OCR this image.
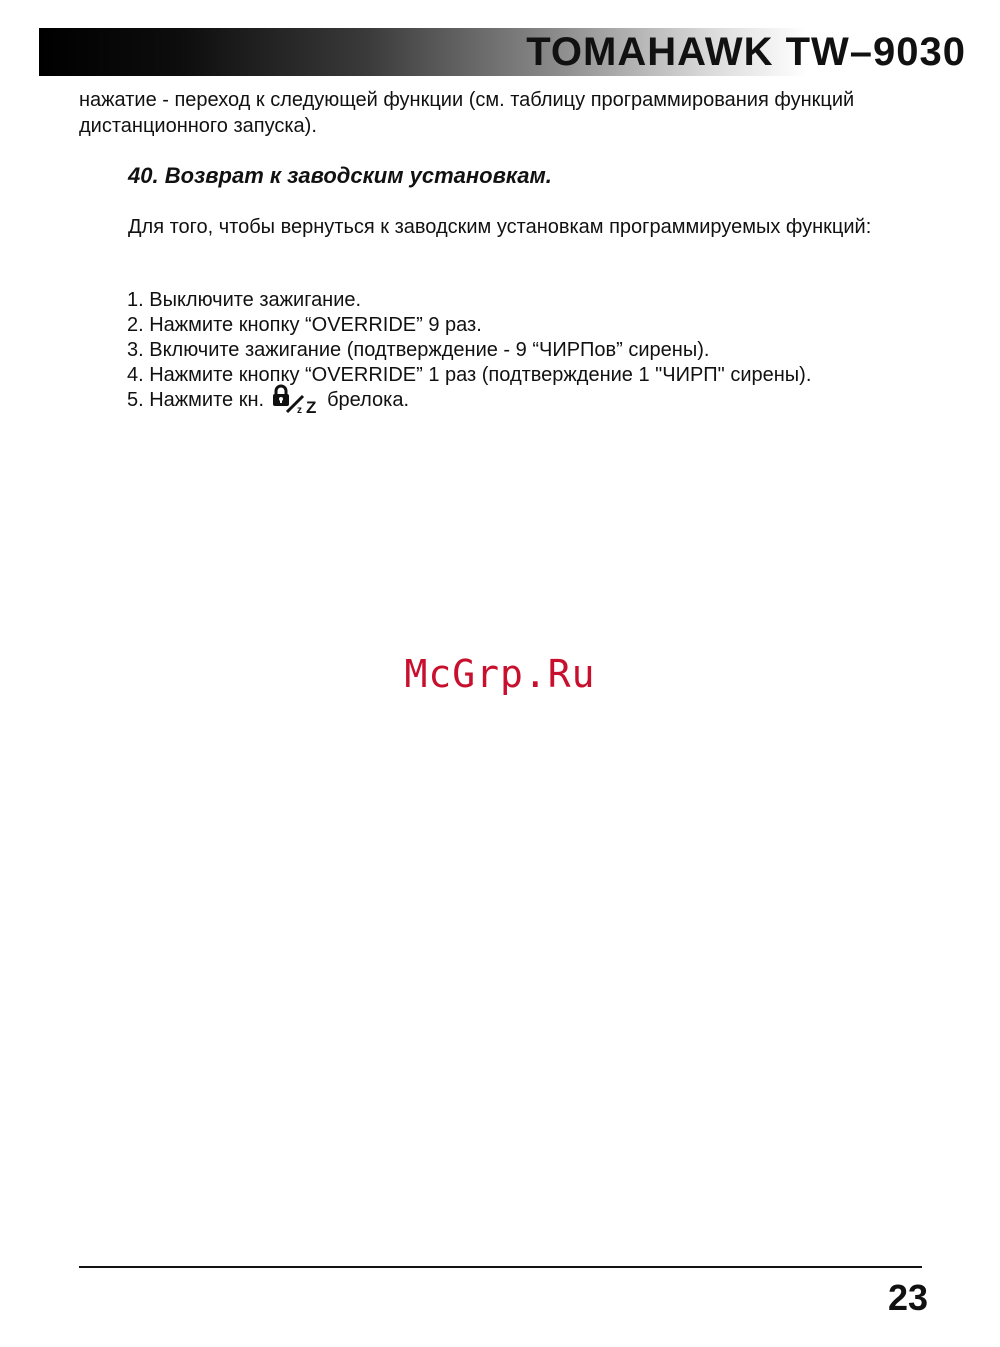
TOMAHAWK TW–9030
нажатие - переход к следующей функции (см. таблицу программирования функций дистанционного запуска).
40. Возврат к заводским установкам.
Для того, чтобы вернуться к заводским установкам программируемых функций:
1. Выключите зажигание.
2. Нажмите кнопку “OVERRIDE” 9 раз.
3. Включите зажигание (подтверждение - 9 “ЧИРПов” сирены).
4. Нажмите кнопку “OVERRIDE” 1 раз (подтверждение 1 "ЧИРП" сирены).
5. Нажмите кн.	z Z брелока.
McGrp.Ru
23
